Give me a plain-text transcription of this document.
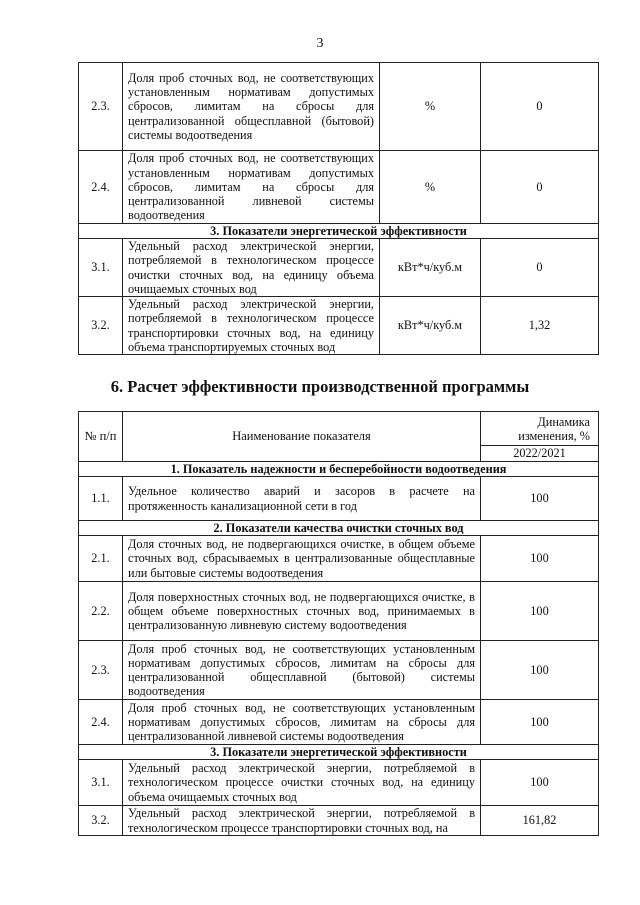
3
2.3.	Доля проб сточных вод, не соответствующих установленным нормативам допустимых сбросов, лимитам на сбросы для централизованной общесплавной (бытовой) системы водоотведения	%	0
2.4.	Доля проб сточных вод, не соответствующих установленным нормативам допустимых сбросов, лимитам на сбросы для централизованной ливневой системы водоотведения	%	0
3. Показатели энергетической эффективности			
3.1.	Удельный расход электрической энергии, потребляемой в технологическом процессе очистки сточных вод, на единицу объема очищаемых сточных вод	кВт*ч/куб.м	0
3.2.	Удельный расход электрической энергии, потребляемой в технологическом процессе транспортировки сточных вод, на единицу объема транспортируемых сточных вод	кВт*ч/куб.м	1,32
6. Расчет эффективности производственной программы
№ п/п	Наименование показателя	Динамика изменения, %
		2022/2021
1. Показатель надежности и бесперебойности водоотведения		
1.1.	Удельное количество аварий и засоров в расчете на протяженность канализационной сети в год	100
2. Показатели качества очистки сточных вод		
2.1.	Доля сточных вод, не подвергающихся очистке, в общем объеме сточных вод, сбрасываемых в централизованные общесплавные или бытовые системы водоотведения	100
2.2.	Доля поверхностных сточных вод, не подвергающихся очистке, в общем объеме поверхностных сточных вод, принимаемых в централизованную ливневую систему водоотведения	100
2.3.	Доля проб сточных вод, не соответствующих установленным нормативам допустимых сбросов, лимитам на сбросы для централизованной общесплавной (бытовой) системы водоотведения	100
2.4.	Доля проб сточных вод, не соответствующих установленным нормативам допустимых сбросов, лимитам на сбросы для централизованной ливневой системы водоотведения	100
3. Показатели энергетической эффективности		
3.1.	Удельный расход электрической энергии, потребляемой в технологическом процессе очистки сточных вод, на единицу объема очищаемых сточных вод	100
3.2.	Удельный расход электрической энергии, потребляемой в технологическом процессе транспортировки сточных вод, на	161,82
